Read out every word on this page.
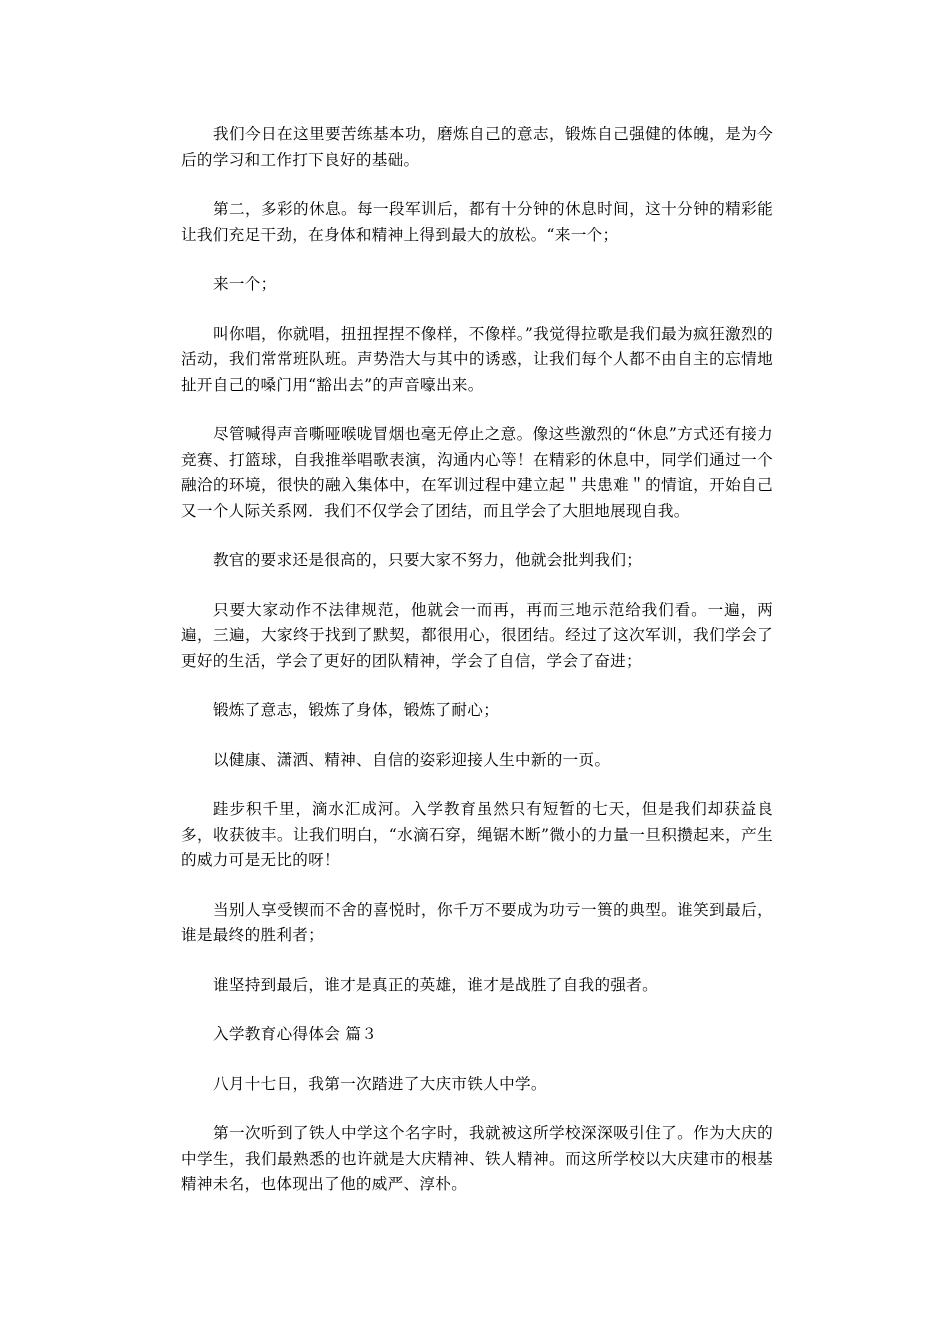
我们今日在这里要苦练基本功，磨炼自己的意志，锻炼自己强健的体魄，是为今后的学习和工作打下良好的基础。

第二，多彩的休息。每一段军训后，都有十分钟的休息时间，这十分钟的精彩能让我们充足干劲，在身体和精神上得到最大的放松。“来一个；

来一个；

叫你唱，你就唱，扭扭捏捏不像样，不像样。”我觉得拉歌是我们最为疯狂激烈的活动，我们常常班队班。声势浩大与其中的诱惑，让我们每个人都不由自主的忘情地扯开自己的嗓门用“豁出去”的声音嚎出来。

尽管喊得声音嘶哑喉咙冒烟也毫无停止之意。像这些激烈的“休息”方式还有接力竞赛、打篮球，自我推举唱歌表演，沟通内心等！在精彩的休息中，同学们通过一个融洽的环境，很快的融入集体中，在军训过程中建立起＂共患难＂的情谊，开始自己又一个人际关系网．我们不仅学会了团结，而且学会了大胆地展现自我。

教官的要求还是很高的，只要大家不努力，他就会批判我们；

只要大家动作不法律规范，他就会一而再，再而三地示范给我们看。一遍，两遍，三遍，大家终于找到了默契，都很用心，很团结。经过了这次军训，我们学会了更好的生活，学会了更好的团队精神，学会了自信，学会了奋进；

锻炼了意志，锻炼了身体，锻炼了耐心；

以健康、潇洒、精神、自信的姿彩迎接人生中新的一页。

跬步积千里，滴水汇成河。入学教育虽然只有短暂的七天，但是我们却获益良多，收获彼丰。让我们明白，“水滴石穿，绳锯木断”微小的力量一旦积攒起来，产生的威力可是无比的呀！

当别人享受锲而不舍的喜悦时，你千万不要成为功亏一篑的典型。谁笑到最后，谁是最终的胜利者；

谁坚持到最后，谁才是真正的英雄，谁才是战胜了自我的强者。

入学教育心得体会 篇３

八月十七日，我第一次踏进了大庆市铁人中学。

第一次听到了铁人中学这个名字时，我就被这所学校深深吸引住了。作为大庆的中学生，我们最熟悉的也许就是大庆精神、铁人精神。而这所学校以大庆建市的根基精神未名，也体现出了他的威严、淳朴。
